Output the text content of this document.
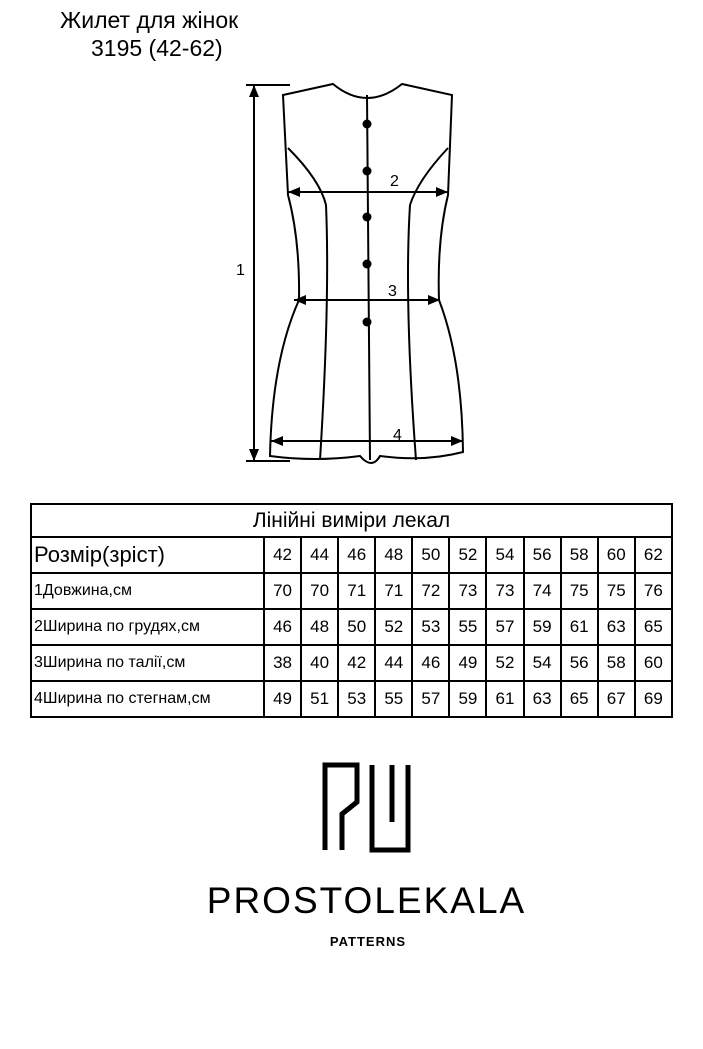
Жилет для жінок
3195 (42-62)
1
2
3
4
Лінійні виміри лекал											
Розмір(зріст)	42	44	46	48	50	52	54	56	58	60	62
1Довжина,см	70	70	71	71	72	73	73	74	75	75	76
2Ширина по грудях,см	46	48	50	52	53	55	57	59	61	63	65
3Ширина по талії,см	38	40	42	44	46	49	52	54	56	58	60
4Ширина по стегнам,см	49	51	53	55	57	59	61	63	65	67	69
PROSTOLEKALA
PATTERNS
